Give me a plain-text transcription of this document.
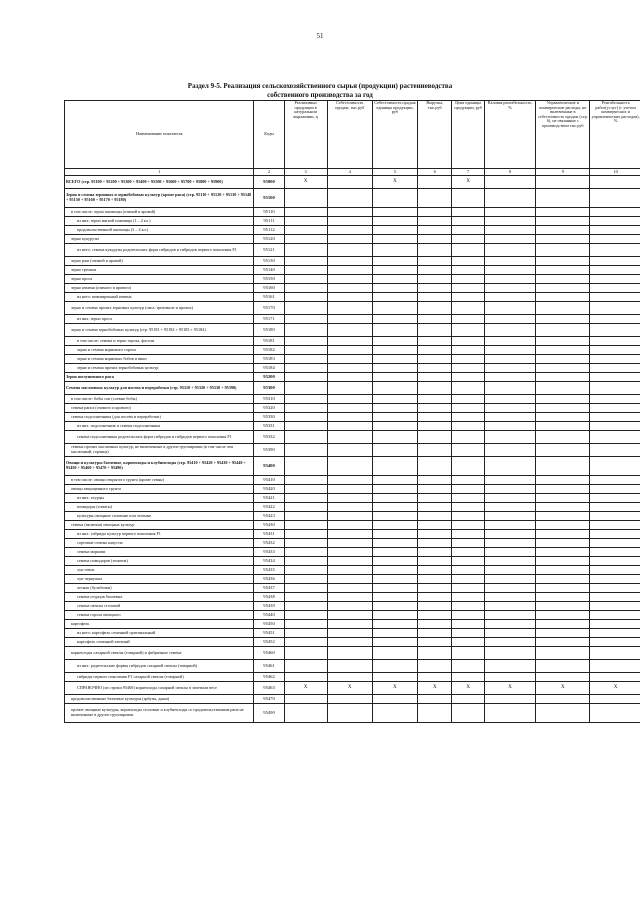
51
Раздел 9-5. Реализация сельскохозяйственного сырья (продукции) растениеводства
собственного производства за год
Наименование показателя	Коды	Реализовано продукции в натуральном выражении, ц	Себестоимость продаж, тыс.руб	Себестоимость продаж единицы продукции, руб	Выручка, тыс.руб	Цена единицы продукции, руб	Валовая рентабельность, %	Управленческие и коммерческие расходы, не включенные в себестоимость продаж (стр. 6), не связанные с производством тыс.руб	Рентабельность работ(услуг) (с учетом коммерческих и управленческих расходов), %
1	2	3	4	5	6	7	8	9	10
ВСЕГО (стр. 95100 + 95200 + 95300 + 95400 + 95500 + 95600 + 95700 + 95800 + 95900)	95000	Х		Х		Х			
Зерно и семена зерновых и зернобобовых культур (кроме риса) (стр. 95110 + 95120 + 95130 + 95140 + 95150 + 95160 + 95170 + 95180)	95100								
в том числе: зерно пшеницы (озимой и яровой)	95110								
из них: зерно мягкой пшеницы (1 – 2 кл.)	95111								
продовольственной пшеницы (3 – 4 кл.)	95112								
зерно кукурузы	95120								
из него: семена кукурузы родительских форм гибридов и гибридов первого поколения F1	95121								
зерно ржи (озимой и яровой)	95130								
зерно гречихи	95140								
зерно проса	95150								
зерно ячменя (озимого и ярового)	95160								
из него: пивоваренный ячмень	95161								
зерно и семена прочих зерновых культур (овса, тритикале и прочих)	95170								
из них: зерно проса	95171								
зерно и семена зернобобовых культур (стр. 95181 + 95182 + 95183 + 95184)	95180								
в том числе: семена и зерно гороха, фасоли	95181								
зерно и семена кормового гороха	95182								
зерно и семена кормовых бобов и вики	95183								
зерно и семена прочих зернобобовых культур	95184								
Зерно шелушенного риса	95200								
Семена масличных культур для посева и переработки (стр. 95310 + 95320 + 95330 + 95390)	95300								
в том числе: бобы сои (соевые бобы)	95310								
семена рапса (озимого и ярового)	95320								
семена подсолнечника (для посева и переработки)	95330								
из них: подсолнечник и семена подсолнечника	95331								
семена подсолнечника родительских форм гибридов и гибридов первого поколения F1	95332								
семена прочих масличных культур, не включенные в другие группировки (в том числе лен масличный, горчица)	95390								
Овощи и культуры бахчевые, корнеплоды и клубнеплоды (стр. 95410 + 95420 + 95430 + 95440 + 95450 + 95460 + 95470 + 95490)	95400								
в том числе: овощи открытого грунта (кроме семян)	95410								
овощи защищенного грунта	95420								
из них: огурцы	95421								
помидоры (томаты)	95422								
культуры овощные салатные или зеленые	95423								
семена (включая) овощных культур	95430								
из них: гибриды культур первого поколения F1	95431								
сортовые семена капусты	95432								
семена моркови	95433								
семена помидоров (томатов)	95434								
лук-севок	95435								
лук-чернушка	95436								
чеснок (бульбочки)	95437								
семена огурцов бахчевых	95438								
семена свеклы столовой	95439								
семена гороха овощного	95440								
картофель	95450								
из него: картофель семенной оригинальный	95451								
картофель семенной элитный	95452								
корнеплоды сахарной свеклы (товарной) и фабричные семена	95460								
из них: родительские формы гибридов сахарной свеклы (товарной)	95461								
гибриды первого поколения F1 сахарной свеклы (товарной)	95462								
СПРАВОЧНО (из строки 95460) корнеплоды сахарной свеклы в зачетном весе	95463	Х	Х	Х	Х	Х	Х	Х	Х
продовольственные бахчевые культуры (арбузы, дыни)	95470								
прочие овощные культуры, корнеплоды столовые и клубнеплоды со продовольственным рапа не включенные в другие группировки	95490								
